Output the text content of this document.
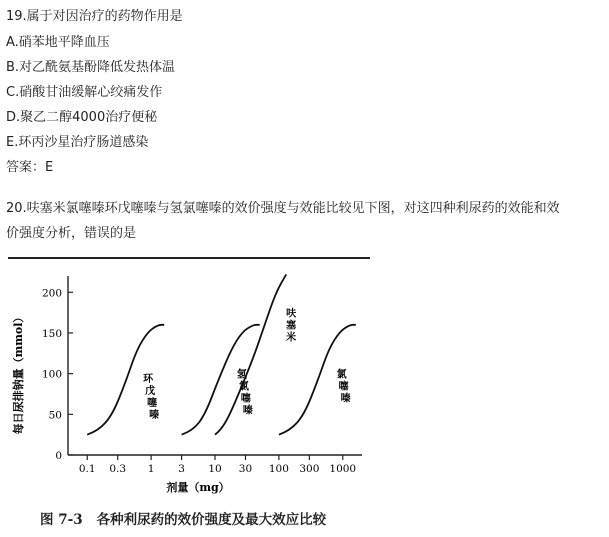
19.属于对因治疗的药物作用是
A.硝苯地平降血压
B.对乙酰氨基酚降低发热体温
C.硝酸甘油缓解心绞痛发作
D.聚乙二醇4000治疗便秘
E.环丙沙星治疗肠道感染
答案：E
20.呋塞米氯噻嗪环戊噻嗪与氢氯噻嗪的效价强度与效能比较见下图，对这四种利尿药的效能和效
价强度分析，错误的是
0
50
100
150
200
0.1 0.3 1 3 10 30 100 300 1000
环戊噻嗪
氢氯噻嗪
呋塞米
氯噻嗪
剂量（mg）
每日尿排钠量（mmol）
图 7-3 各种利尿药的效价强度及最大效应比较
